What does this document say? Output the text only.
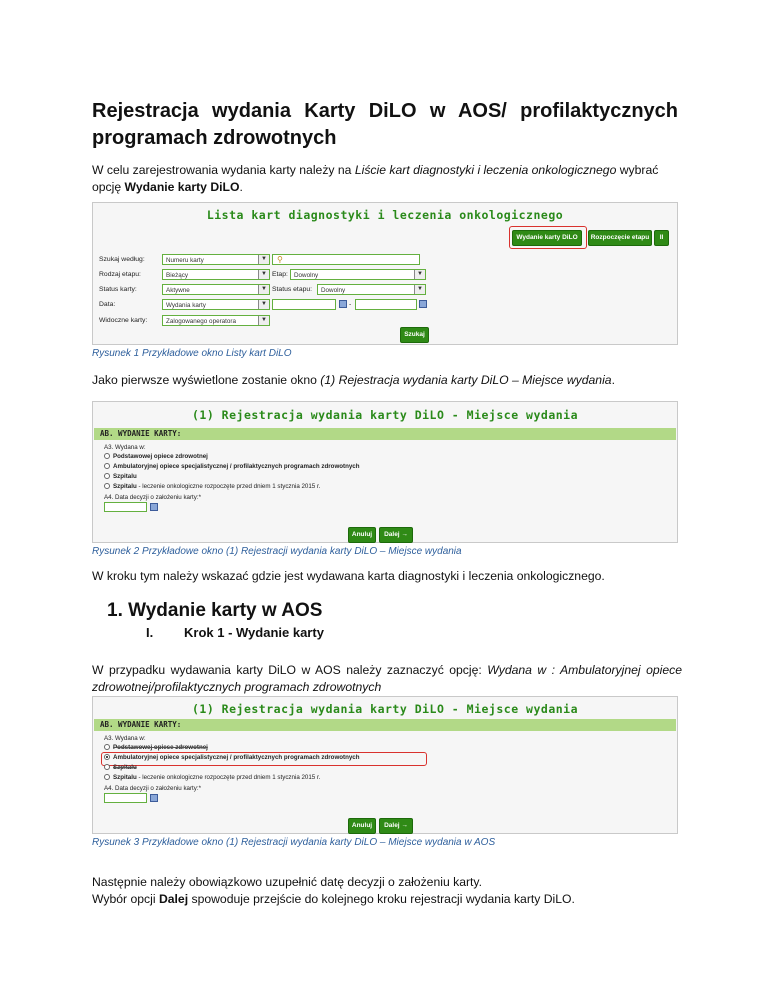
Rejestracja wydania Karty DiLO w AOS/ profilaktycznych
programach zdrowotnych
W celu zarejestrowania wydania karty należy na Liście kart diagnostyki i leczenia onkologicznego wybrać opcję Wydanie karty DiLO.
Lista kart diagnostyki i leczenia onkologicznego
Wydanie karty DiLO	Rozpoczęcie etapu	II
Szukaj według:	Numeru karty	▼ ⚲
Rodzaj etapu:	Bieżący	▼ Etap: Dowolny	▼
Status karty:	Aktywne	▼ Status etapu:	Dowolny	▼
Data:	Wydania karty	▼	-
Widoczne karty:	Zalogowanego operatora	▼
Szukaj
Rysunek 1 Przykładowe okno Listy kart DiLO
Jako pierwsze wyświetlone zostanie okno (1) Rejestracja wydania karty DiLO – Miejsce wydania.
(1) Rejestracja wydania karty DiLO - Miejsce wydania
AB. WYDANIE KARTY:
A3. Wydana w:
Podstawowej opiece zdrowotnej
Ambulatoryjnej opiece specjalistycznej / profilaktycznych programach zdrowotnych
Szpitalu
Szpitalu - leczenie onkologiczne rozpoczęte przed dniem 1 stycznia 2015 r.
A4. Data decyzji o założeniu karty:*
Anuluj	Dalej →
Rysunek 2 Przykładowe okno (1) Rejestracji wydania karty DiLO – Miejsce wydania
W kroku tym należy wskazać gdzie jest wydawana karta diagnostyki i leczenia onkologicznego.
1. Wydanie karty w AOS
I. Krok 1 - Wydanie karty
W przypadku wydawania karty DiLO w AOS należy zaznaczyć opcję: Wydana w : Ambulatoryjnej opiece zdrowotnej/profilaktycznych programach zdrowotnych
(1) Rejestracja wydania karty DiLO - Miejsce wydania
AB. WYDANIE KARTY:
A3. Wydana w:
Podstawowej opiece zdrowotnej
Ambulatoryjnej opiece specjalistycznej / profilaktycznych programach zdrowotnych
Szpitalu
Szpitalu - leczenie onkologiczne rozpoczęte przed dniem 1 stycznia 2015 r.
A4. Data decyzji o założeniu karty:*
Anuluj	Dalej →
Rysunek 3 Przykładowe okno (1) Rejestracji wydania karty DiLO – Miejsce wydania w AOS
Następnie należy obowiązkowo uzupełnić datę decyzji o założeniu karty.
Wybór opcji Dalej spowoduje przejście do kolejnego kroku rejestracji wydania karty DiLO.
